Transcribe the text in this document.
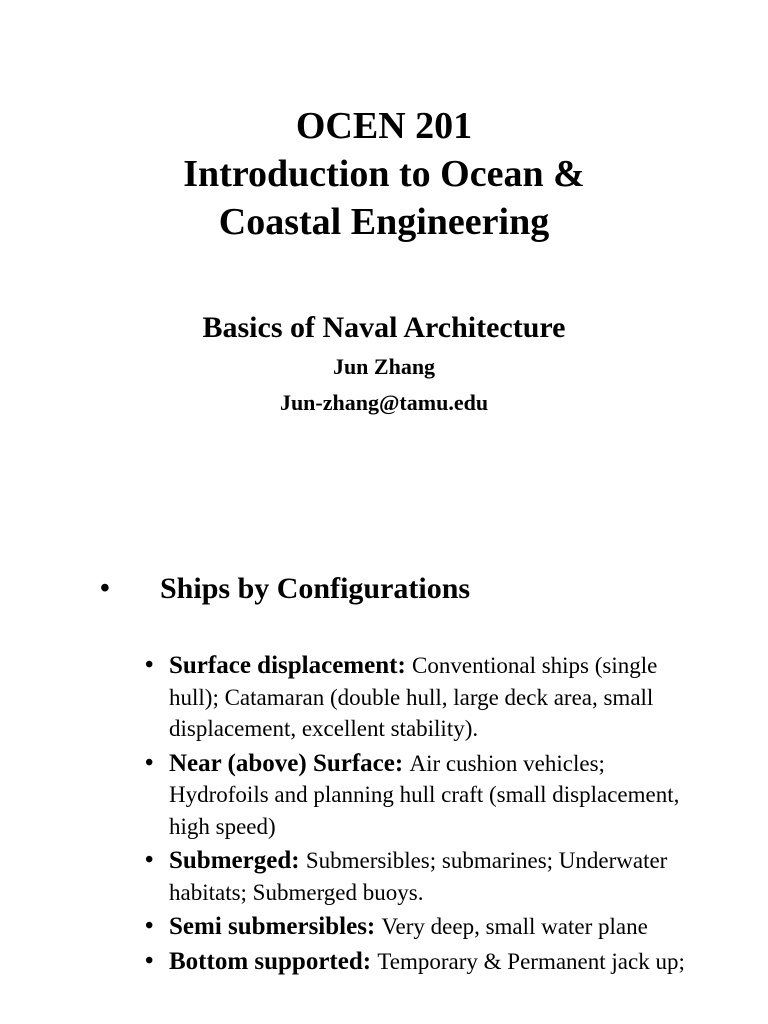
OCEN 201
Introduction to Ocean &
Coastal Engineering
Basics of Naval Architecture
Jun Zhang
Jun-zhang@tamu.edu
• Ships by Configurations
• Surface displacement: Conventional ships (single hull); Catamaran (double hull, large deck area, small displacement, excellent stability).
• Near (above) Surface: Air cushion vehicles; Hydrofoils and planning hull craft (small displacement, high speed)
• Submerged: Submersibles; submarines; Underwater habitats; Submerged buoys.
• Semi submersibles: Very deep, small water plane
• Bottom supported: Temporary & Permanent jack up;
